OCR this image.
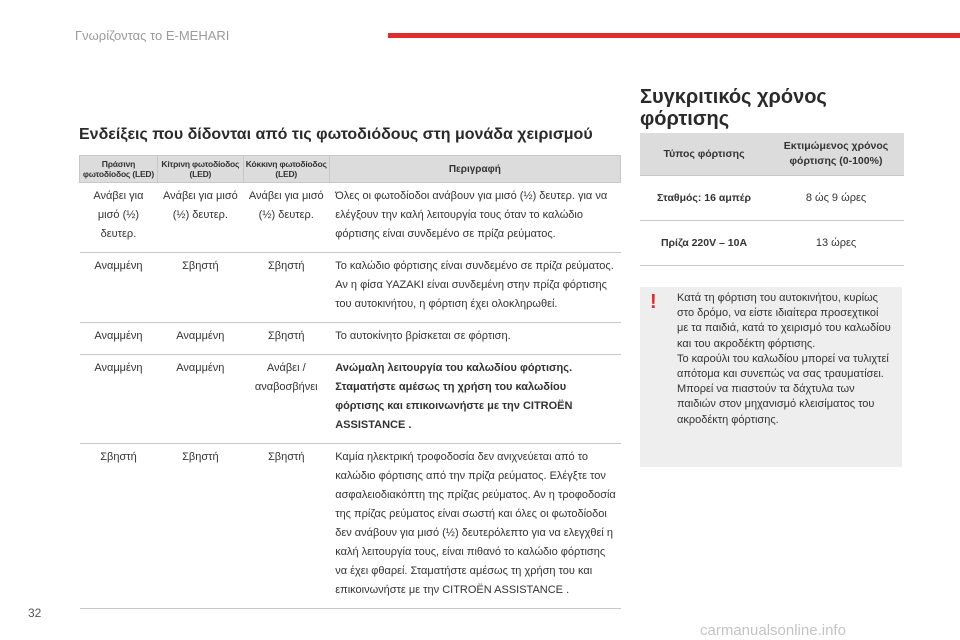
Γνωρίζοντας το E-MEHARI
Ενδείξεις που δίδονται από τις φωτοδιόδους στη μονάδα χειρισμού
Πράσινη φωτοδίοδος (LED)	Κίτρινη φωτοδίοδος (LED)	Κόκκινη φωτοδίοδος (LED)	Περιγραφή
Ανάβει για μισό (½) δευτερ.	Ανάβει για μισό (½) δευτερ.	Ανάβει για μισό (½) δευτερ.	Όλες οι φωτοδίοδοι ανάβουν για μισό (½) δευτερ. για να ελέγξουν την καλή λειτουργία τους όταν το καλώδιο φόρτισης είναι συνδεμένο σε πρίζα ρεύματος.
Αναμμένη	Σβηστή	Σβηστή	Το καλώδιο φόρτισης είναι συνδεμένο σε πρίζα ρεύματος. Αν η φίσα ΥΑΖΑΚΙ είναι συνδεμένη στην πρίζα φόρτισης του αυτοκινήτου, η φόρτιση έχει ολοκληρωθεί.
Αναμμένη	Αναμμένη	Σβηστή	Το αυτοκίνητο βρίσκεται σε φόρτιση.
Αναμμένη	Αναμμένη	Ανάβει / αναβοσβήνει	Ανώμαλη λειτουργία του καλωδίου φόρτισης. Σταματήστε αμέσως τη χρήση του καλωδίου φόρτισης και επικοινωνήστε με την CITROËN ASSISTANCE .
Σβηστή	Σβηστή	Σβηστή	Καμία ηλεκτρική τροφοδοσία δεν ανιχνεύεται από το καλώδιο φόρτισης από την πρίζα ρεύματος. Ελέγξτε τον ασφαλειοδιακόπτη της πρίζας ρεύματος. Αν η τροφοδοσία της πρίζας ρεύματος είναι σωστή και όλες οι φωτοδίοδοι δεν ανάβουν για μισό (½) δευτερόλεπτο για να ελεγχθεί η καλή λειτουργία τους, είναι πιθανό το καλώδιο φόρτισης να έχει φθαρεί. Σταματήστε αμέσως τη χρήση του και επικοινωνήστε με την CITROËN ASSISTANCE .
Συγκριτικός χρόνος φόρτισης
Τύπος φόρτισης	Εκτιμώμενος χρόνος φόρτισης (0-100%)
Σταθμός: 16 αμπέρ	8 ώς 9 ώρες
Πρίζα 220V – 10A	13 ώρες
! Κατά τη φόρτιση του αυτοκινήτου, κυρίως στο δρόμο, να είστε ιδιαίτερα προσεχτικοί με τα παιδιά, κατά το χειρισμό του καλωδίου και του ακροδέκτη φόρτισης.
Το καρούλι του καλωδίου μπορεί να τυλιχτεί απότομα και συνεπώς να σας τραυματίσει.
Μπορεί να πιαστούν τα δάχτυλα των παιδιών στον μηχανισμό κλεισίματος του ακροδέκτη φόρτισης.
32
carmanualsonline.info
